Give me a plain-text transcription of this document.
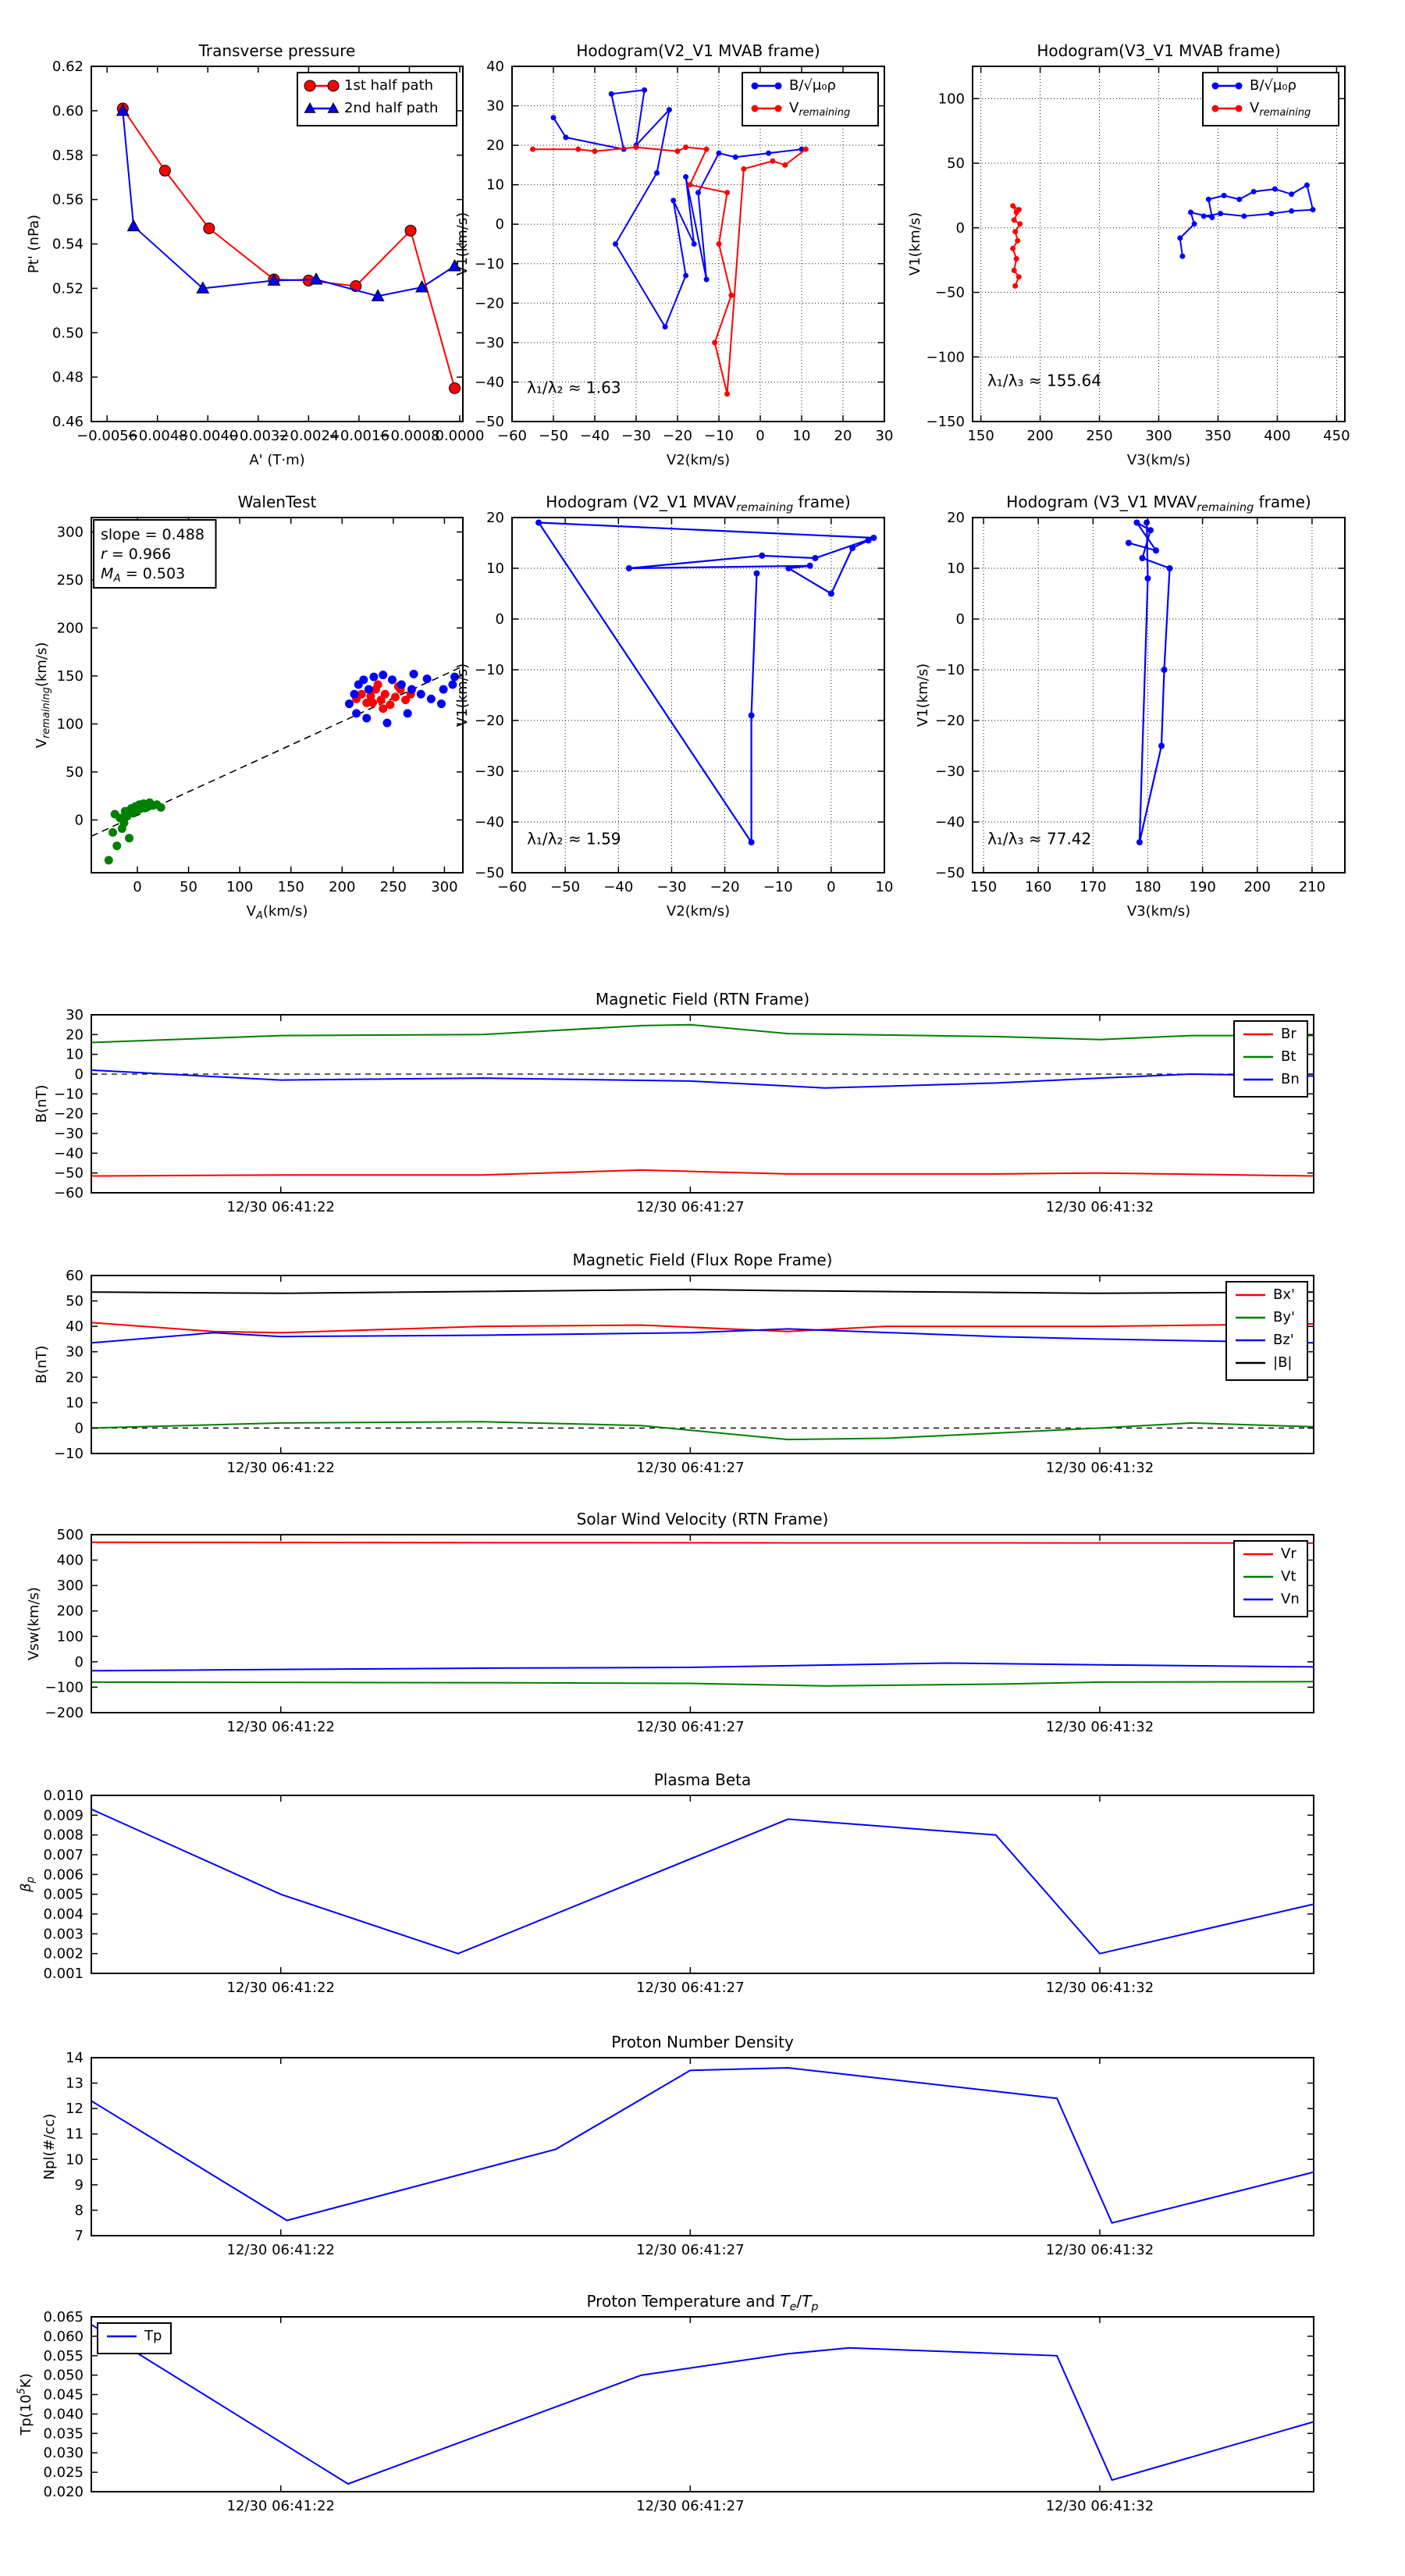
−0.0056
−0.0048
−0.0040
−0.0032
−0.0024
−0.0016
−0.0008
0.0000
0.46
0.48
0.50
0.52
0.54
0.56
0.58
0.60
0.62
Transverse pressure
A' (T·m)
Pt' (nPa)
1st half path
2nd half path
−60 −50 −40 −30 −20 −10 0 10 20 30
−50
−40
−30
−20
−10
0
10
20
30
40
Hodogram(V2_V1 MVAB frame)
V2(km/s)
V1(km/s)
λ₁/λ₂ ≈ 1.63
B/√μ₀ρ
$V_{remaining}$
150 200 250 300 350 400 450
−150
−100
−50
0
50
100
Hodogram(V3_V1 MVAB frame)
V3(km/s)
V1(km/s)
λ₁/λ₃ ≈ 155.64
B/√μ₀ρ
$V_{remaining}$
0	50 100 150 200 250 300
0
50
100
150
200
250
300
WalenTest
$V_A(km/s)$
$V_{remaining}(km/s)$
slope = 0.488
r = 0.966
$M_A = 0.503$
−60 −50 −40 −30 −20 −10 0	10
−50
−40
−30
−20
−10
0
10
20
Hodogram (V2_V1 $MVAV_{remaining}$ frame)
V2(km/s)
V1(km/s)
λ₁/λ₂ ≈ 1.59
150 160 170 180 190 200 210
−50
−40
−30
−20
−10
0
10
20
Hodogram (V3_V1 $MVAV_{remaining}$ frame)
V3(km/s)
V1(km/s)
λ₁/λ₃ ≈ 77.42
12/30 06:41:22	12/30 06:41:27	12/30 06:41:32
−60
−50
−40
−30
−20
−10
0
10
20
30
Magnetic Field (RTN Frame)
B(nT)
Br
Bt
Bn
12/30 06:41:22	12/30 06:41:27	12/30 06:41:32
−10
0
10
20
30
40
50
60
Magnetic Field (Flux Rope Frame)
B(nT)
Bx'
By'
Bz'
|B|
12/30 06:41:22	12/30 06:41:27	12/30 06:41:32
−200
−100
0
100
200
300
400
500
Solar Wind Velocity (RTN Frame)
Vsw(km/s)
Vr
Vt
Vn
12/30 06:41:22	12/30 06:41:27	12/30 06:41:32
0.001
0.002
0.003
0.004
0.005
0.006
0.007
0.008
0.009
0.010
Plasma Beta
$\beta_p$
12/30 06:41:22	12/30 06:41:27	12/30 06:41:32
7
8
9
10
11
12
13
14
Proton Number Density
Npl(#/cc)
12/30 06:41:22	12/30 06:41:27	12/30 06:41:32
0.020
0.025
0.030
0.035
0.040
0.045
0.050
0.055
0.060
0.065
Proton Temperature and $T_e/T_p$
$Tp(10^5K)$
Tp
